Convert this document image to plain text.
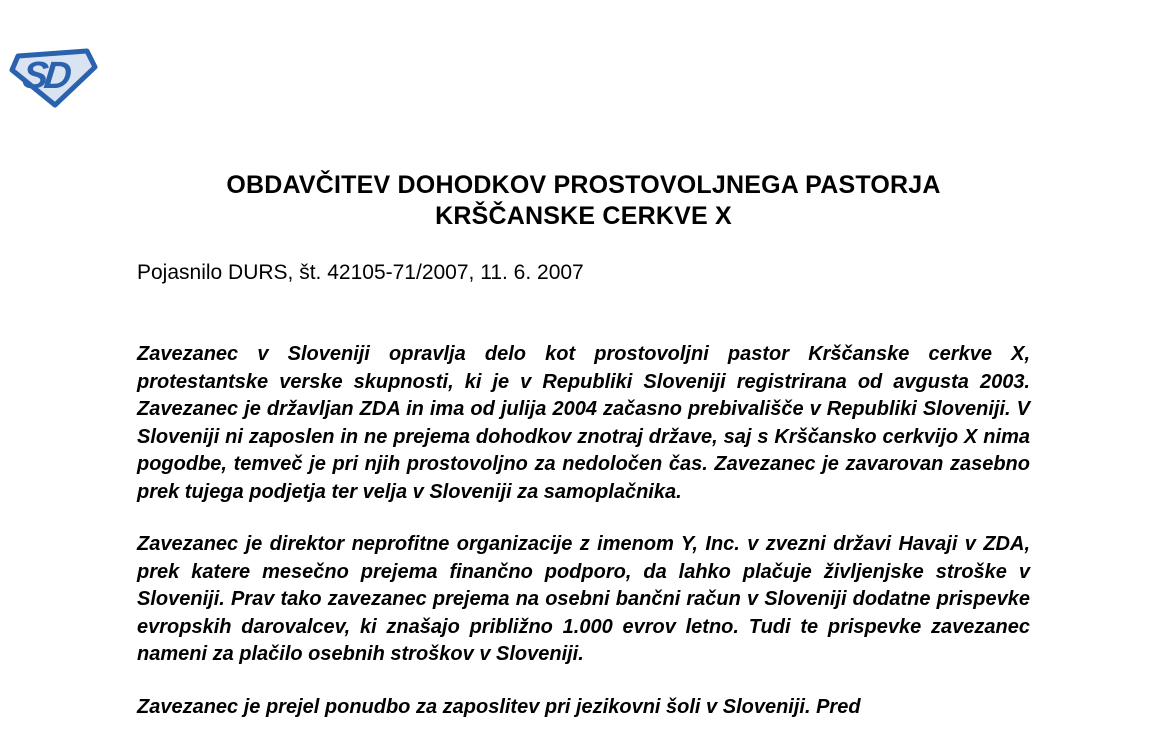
SD
OBDAVČITEV DOHODKOV PROSTOVOLJNEGA PASTORJA
KRŠČANSKE CERKVE X
Pojasnilo DURS, št. 42105-71/2007, 11. 6. 2007

Zavezanec v Sloveniji opravlja delo kot prostovoljni pastor Krščanske cerkve X, protestantske verske skupnosti, ki je v Republiki Sloveniji registrirana od avgusta 2003. Zavezanec je državljan ZDA in ima od julija 2004 začasno prebivališče v Republiki Sloveniji. V Sloveniji ni zaposlen in ne prejema dohodkov znotraj države, saj s Krščansko cerkvijo X nima pogodbe, temveč je pri njih prostovoljno za nedoločen čas. Zavezanec je zavarovan zasebno prek tujega podjetja ter velja v Sloveniji za samoplačnika.

Zavezanec je direktor neprofitne organizacije z imenom Y, Inc. v zvezni državi Havaji v ZDA, prek katere mesečno prejema finančno podporo, da lahko plačuje življenjske stroške v Sloveniji. Prav tako zavezanec prejema na osebni bančni račun v Sloveniji dodatne prispevke evropskih darovalcev, ki znašajo približno 1.000 evrov letno. Tudi te prispevke zavezanec nameni za plačilo osebnih stroškov v Sloveniji.

Zavezanec je prejel ponudbo za zaposlitev pri jezikovni šoli v Sloveniji. Pred
